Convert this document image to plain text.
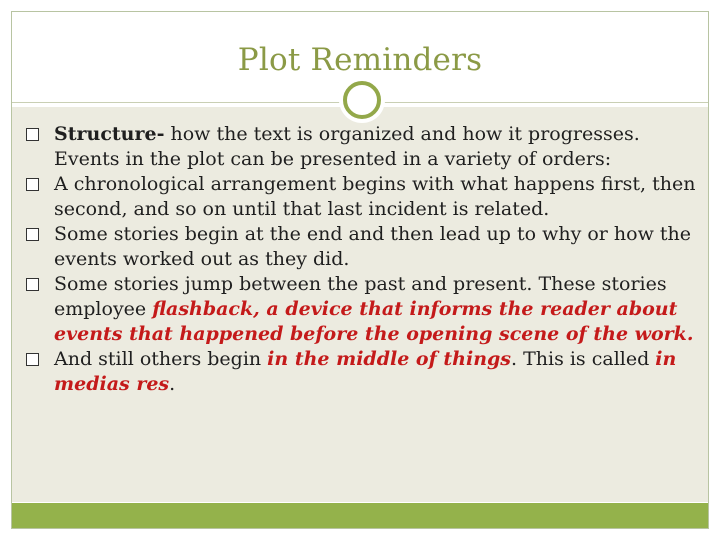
Plot Reminders
Structure- how the text is organized and how it progresses. Events in the plot can be presented in a variety of orders:
A chronological arrangement begins with what happens first, then second, and so on until that last incident is related.
Some stories begin at the end and then lead up to why or how the events worked out as they did.
Some stories jump between the past and present. These stories employee flashback, a device that informs the reader about events that happened before the opening scene of the work.
And still others begin in the middle of things. This is called in medias res.
